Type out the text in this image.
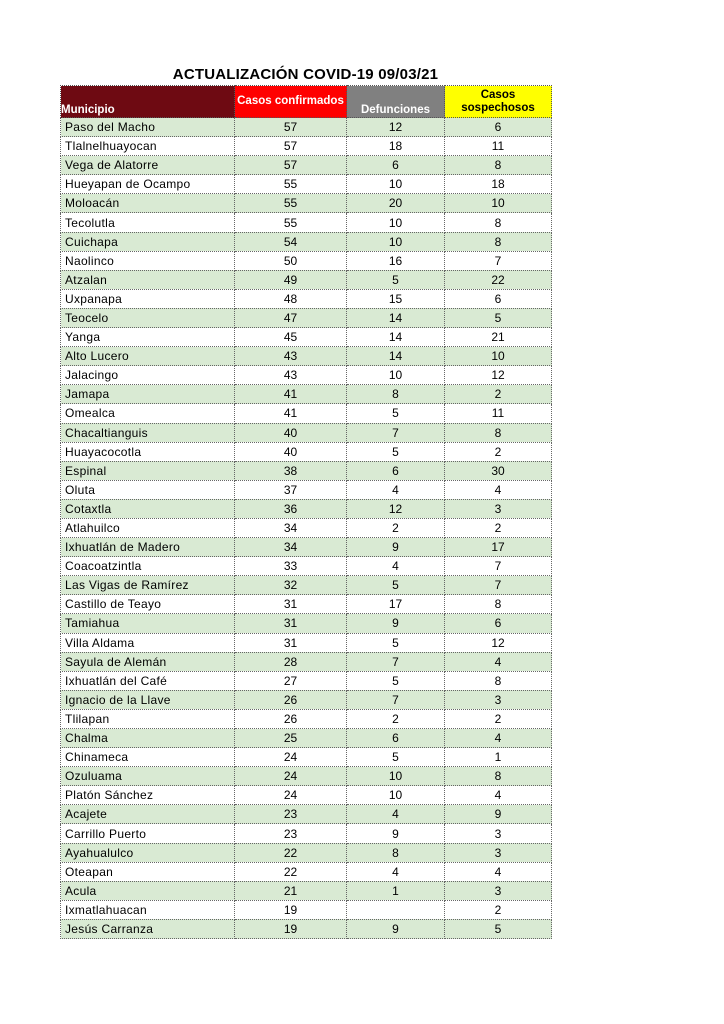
ACTUALIZACIÓN COVID-19 09/03/21
Municipio	Casos confirmados	Defunciones	Casos sospechosos
Paso del Macho	57	12	6
Tlalnelhuayocan	57	18	11
Vega de Alatorre	57	6	8
Hueyapan de Ocampo	55	10	18
Moloacán	55	20	10
Tecolutla	55	10	8
Cuichapa	54	10	8
Naolinco	50	16	7
Atzalan	49	5	22
Uxpanapa	48	15	6
Teocelo	47	14	5
Yanga	45	14	21
Alto Lucero	43	14	10
Jalacingo	43	10	12
Jamapa	41	8	2
Omealca	41	5	11
Chacaltianguis	40	7	8
Huayacocotla	40	5	2
Espinal	38	6	30
Oluta	37	4	4
Cotaxtla	36	12	3
Atlahuilco	34	2	2
Ixhuatlán de Madero	34	9	17
Coacoatzintla	33	4	7
Las Vigas de Ramírez	32	5	7
Castillo de Teayo	31	17	8
Tamiahua	31	9	6
Villa Aldama	31	5	12
Sayula de Alemán	28	7	4
Ixhuatlán del Café	27	5	8
Ignacio de la Llave	26	7	3
Tlilapan	26	2	2
Chalma	25	6	4
Chinameca	24	5	1
Ozuluama	24	10	8
Platón Sánchez	24	10	4
Acajete	23	4	9
Carrillo Puerto	23	9	3
Ayahualulco	22	8	3
Oteapan	22	4	4
Acula	21	1	3
Ixmatlahuacan	19		2
Jesús Carranza	19	9	5
